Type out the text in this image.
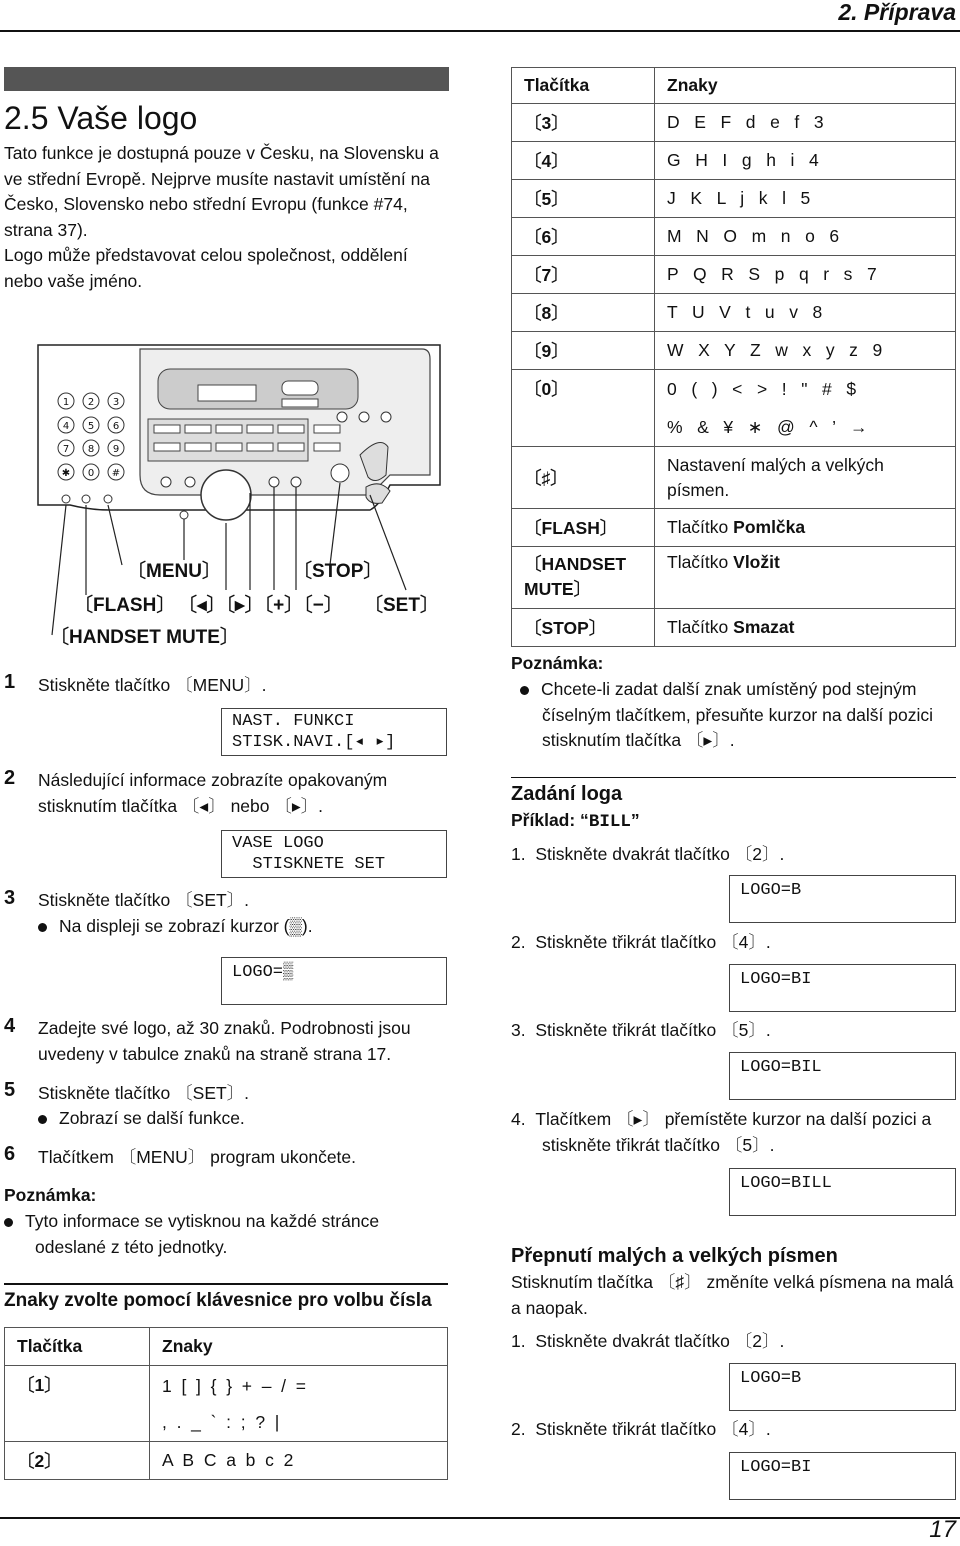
2. Příprava
2.5 Vaše logo
Tato funkce je dostupná pouze v Česku, na Slovensku a
ve střední Evropě. Nejprve musíte nastavit umístění na
Česko, Slovensko nebo střední Evropu (funkce #74,
strana 37).
Logo může představovat celou společnost, oddělení
nebo vaše jméno.
1 2 3
4 5 6
7 8 9
✱ 0 #
〔MENU〕	〔STOP〕
〔FLASH〕 〔◂〕〔▸〕〔+〕〔−〕 〔SET〕
〔HANDSET MUTE〕
1 Stiskněte tlačítko 〔MENU〕.
NAST. FUNKCI
STISK.NAVI.[◂ ▸]
2 Následující informace zobrazíte opakovaným
stisknutím tlačítka 〔◂〕 nebo 〔▸〕.
VASE LOGO
STISKNETE SET
3 Stiskněte tlačítko 〔SET〕.
Na displeji se zobrazí kurzor (▒).
LOGO=▒
4 Zadejte své logo, až 30 znaků. Podrobnosti jsou
uvedeny v tabulce znaků na straně strana 17.
5 Stiskněte tlačítko 〔SET〕.
Zobrazí se další funkce.
6 Tlačítkem 〔MENU〕 program ukončete.
Poznámka:
Tyto informace se vytisknou na každé stránce
odeslané z této jednotky.
Znaky zvolte pomocí klávesnice pro volbu čísla
Tlačítka	Znaky
〔1〕	1  [  ]  {  }  +  –  /  =
,  .  _  `  :  ;  ?  |

〔2〕	A  B  C  a  b  c  2
Tlačítka	Znaky
〔3〕	D   E   F   d   e   f   3
〔4〕	G   H   I   g   h   i   4
〔5〕	J   K   L   j   k   l   5
〔6〕	M   N   O   m   n   o   6
〔7〕	P   Q   R   S   p   q   r   s   7
〔8〕	T   U   V   t   u   v   8
〔9〕	W   X   Y   Z   w   x   y   z   9
〔0〕	0   (   )   <   >   !   "   #   $
%   &   ¥   ∗   @   ^   ’   →

〔♯〕	Nastavení malých a velkých
písmen.

〔FLASH〕	Tlačítko Pomlčka
〔HANDSET
MUTE〕	Tlačítko Vložit
〔STOP〕	Tlačítko Smazat
Poznámka:
Chcete-li zadat další znak umístěný pod stejným
číselným tlačítkem, přesuňte kurzor na další pozici
stisknutím tlačítka 〔▸〕.
Zadání loga
Příklad: “BILL”
1. Stiskněte dvakrát tlačítko 〔2〕.
LOGO=B
2. Stiskněte třikrát tlačítko 〔4〕.
LOGO=BI
3. Stiskněte třikrát tlačítko 〔5〕.
LOGO=BIL
4. Tlačítkem 〔▸〕 přemístěte kurzor na další pozici a
stiskněte třikrát tlačítko 〔5〕.
LOGO=BILL
Přepnutí malých a velkých písmen
Stisknutím tlačítka 〔♯〕 změníte velká písmena na malá
a naopak.
1. Stiskněte dvakrát tlačítko 〔2〕.
LOGO=B
2. Stiskněte třikrát tlačítko 〔4〕.
LOGO=BI
17
